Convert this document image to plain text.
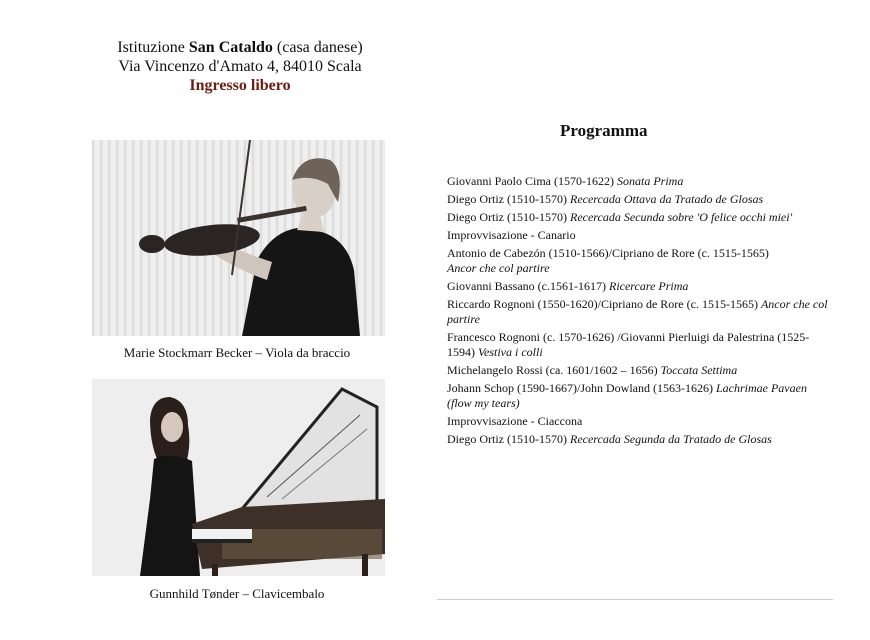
Istituzione San Cataldo (casa danese)
Via Vincenzo d'Amato 4, 84010 Scala
Ingresso libero
Marie Stockmarr Becker – Viola da braccio
Gunnhild Tønder – Clavicembalo
Programma
Giovanni Paolo Cima (1570-1622) Sonata Prima
Diego Ortiz (1510-1570) Recercada Ottava da Tratado de Glosas
Diego Ortiz (1510-1570) Recercada Secunda sobre 'O felice occhi miei'
Improvvisazione - Canario
Antonio de Cabezón (1510-1566)/Cipriano de Rore (c. 1515-1565)
Ancor che col partire
Giovanni Bassano (c.1561-1617) Ricercare Prima
Riccardo Rognoni (1550-1620)/Cipriano de Rore (c. 1515-1565) Ancor che col partire
Francesco Rognoni (c. 1570-1626) /Giovanni Pierluigi da Palestrina (1525-1594) Vestiva i colli
Michelangelo Rossi (ca. 1601/1602 – 1656) Toccata Settima
Johann Schop (1590-1667)/John Dowland (1563-1626) Lachrimae Pavaen (flow my tears)
Improvvisazione - Ciaccona
Diego Ortiz (1510-1570) Recercada Segunda da Tratado de Glosas
